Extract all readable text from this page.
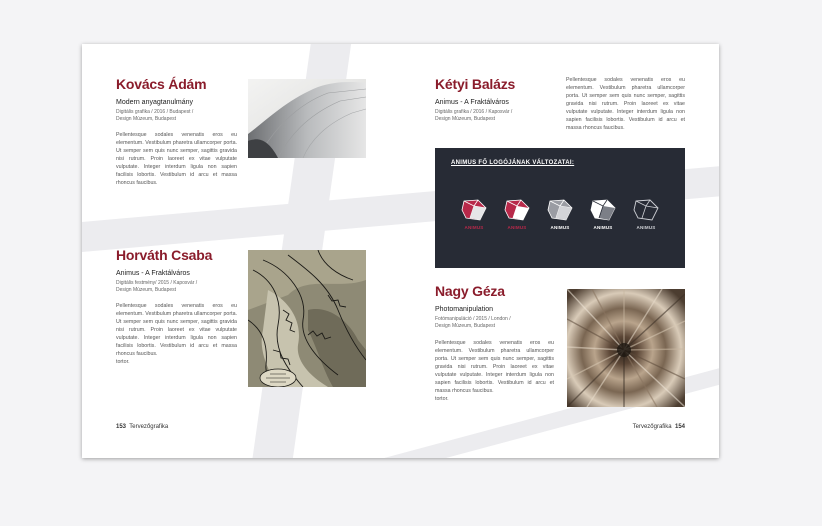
Kovács Ádám
Modern anyagtanulmány
Digitális grafika / 2016 / Budapest /
Design Múzeum, Budapest
Pellentesque sodales venenatis eros eu elementum. Vestibulum pharetra ullamcorper porta. Ut semper sem quis nunc semper, sagittis gravida nisi rutrum. Proin laoreet ex vitae vulputate vulputate. Integer interdum ligula non sapien facilisis lobortis. Vestibulum id arcu et massa rhoncus faucibus.
Horváth Csaba
Animus - A Fraktálváros
Digitális festmény/ 2015 / Kaposvár /
Design Múzeum, Budapest
Pellentesque sodales venenatis eros eu elementum. Vestibulum pharetra ullamcorper porta. Ut semper sem quis nunc semper, sagittis gravida nisi rutrum. Proin laoreet ex vitae vulputate vulputate. Integer interdum ligula non sapien facilisis lobortis. Vestibulum id arcu et massa rhoncus faucibus.
tortor.
153 Tervezőgrafika
Kétyi Balázs
Animus - A Fraktálváros
Digitális grafika / 2016 / Kaposvár /
Design Múzeum, Budapest
Pellentesque sodales venenatis eros eu elementum. Vestibulum pharetra ullamcorper porta. Ut semper sem quis nunc semper, sagittis gravida nisi rutrum. Proin laoreet ex vitae vulputate vulputate. Integer interdum ligula non sapien facilisis lobortis. Vestibulum id arcu et massa rhoncus faucibus.
ANIMUS FŐ LOGÓJÁNAK VÁLTOZATAI:
ANIMUS	ANIMUS	ANIMUS	ANIMUS	ANIMUS
Nagy Géza
Photomanipulation
Fotómanipuláció / 2015 / London /
Design Múzeum, Budapest
Pellentesque sodales venenatis eros eu elementum. Vestibulum pharetra ullamcorper porta. Ut semper sem quis nunc semper, sagittis gravida nisi rutrum. Proin laoreet ex vitae vulputate vulputate. Integer interdum ligula non sapien facilisis lobortis. Vestibulum id arcu et massa rhoncus faucibus.
tortor.
Tervezőgrafika 154
